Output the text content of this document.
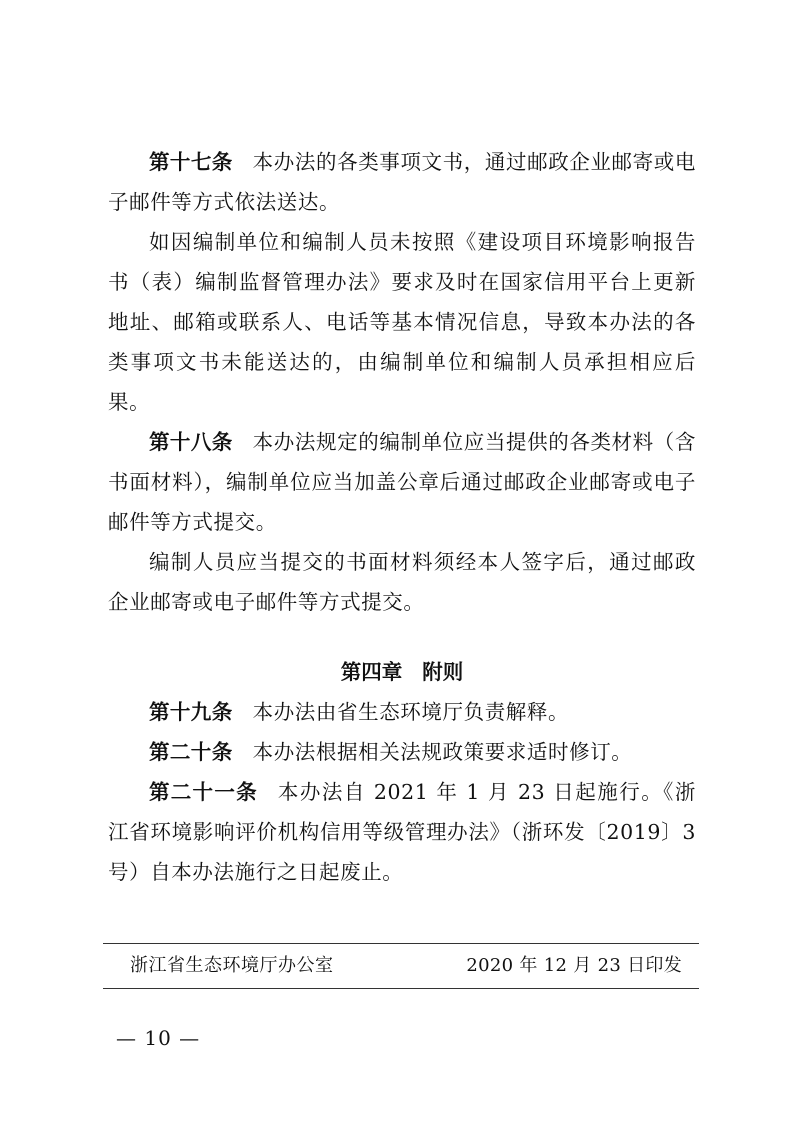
第十七条 本办法的各类事项文书，通过邮政企业邮寄或电子邮件等方式依法送达。

如因编制单位和编制人员未按照《建设项目环境影响报告书（表）编制监督管理办法》要求及时在国家信用平台上更新地址、邮箱或联系人、电话等基本情况信息，导致本办法的各类事项文书未能送达的，由编制单位和编制人员承担相应后果。

第十八条 本办法规定的编制单位应当提供的各类材料（含书面材料），编制单位应当加盖公章后通过邮政企业邮寄或电子邮件等方式提交。

编制人员应当提交的书面材料须经本人签字后，通过邮政企业邮寄或电子邮件等方式提交。

第四章 附则

第十九条 本办法由省生态环境厅负责解释。

第二十条 本办法根据相关法规政策要求适时修订。

第二十一条 本办法自 2021 年 1 月 23 日起施行。《浙江省环境影响评价机构信用等级管理办法》（浙环发〔2019〕3 号）自本办法施行之日起废止。

浙江省生态环境厅办公室	2020 年 12 月 23 日印发
— 10 —
